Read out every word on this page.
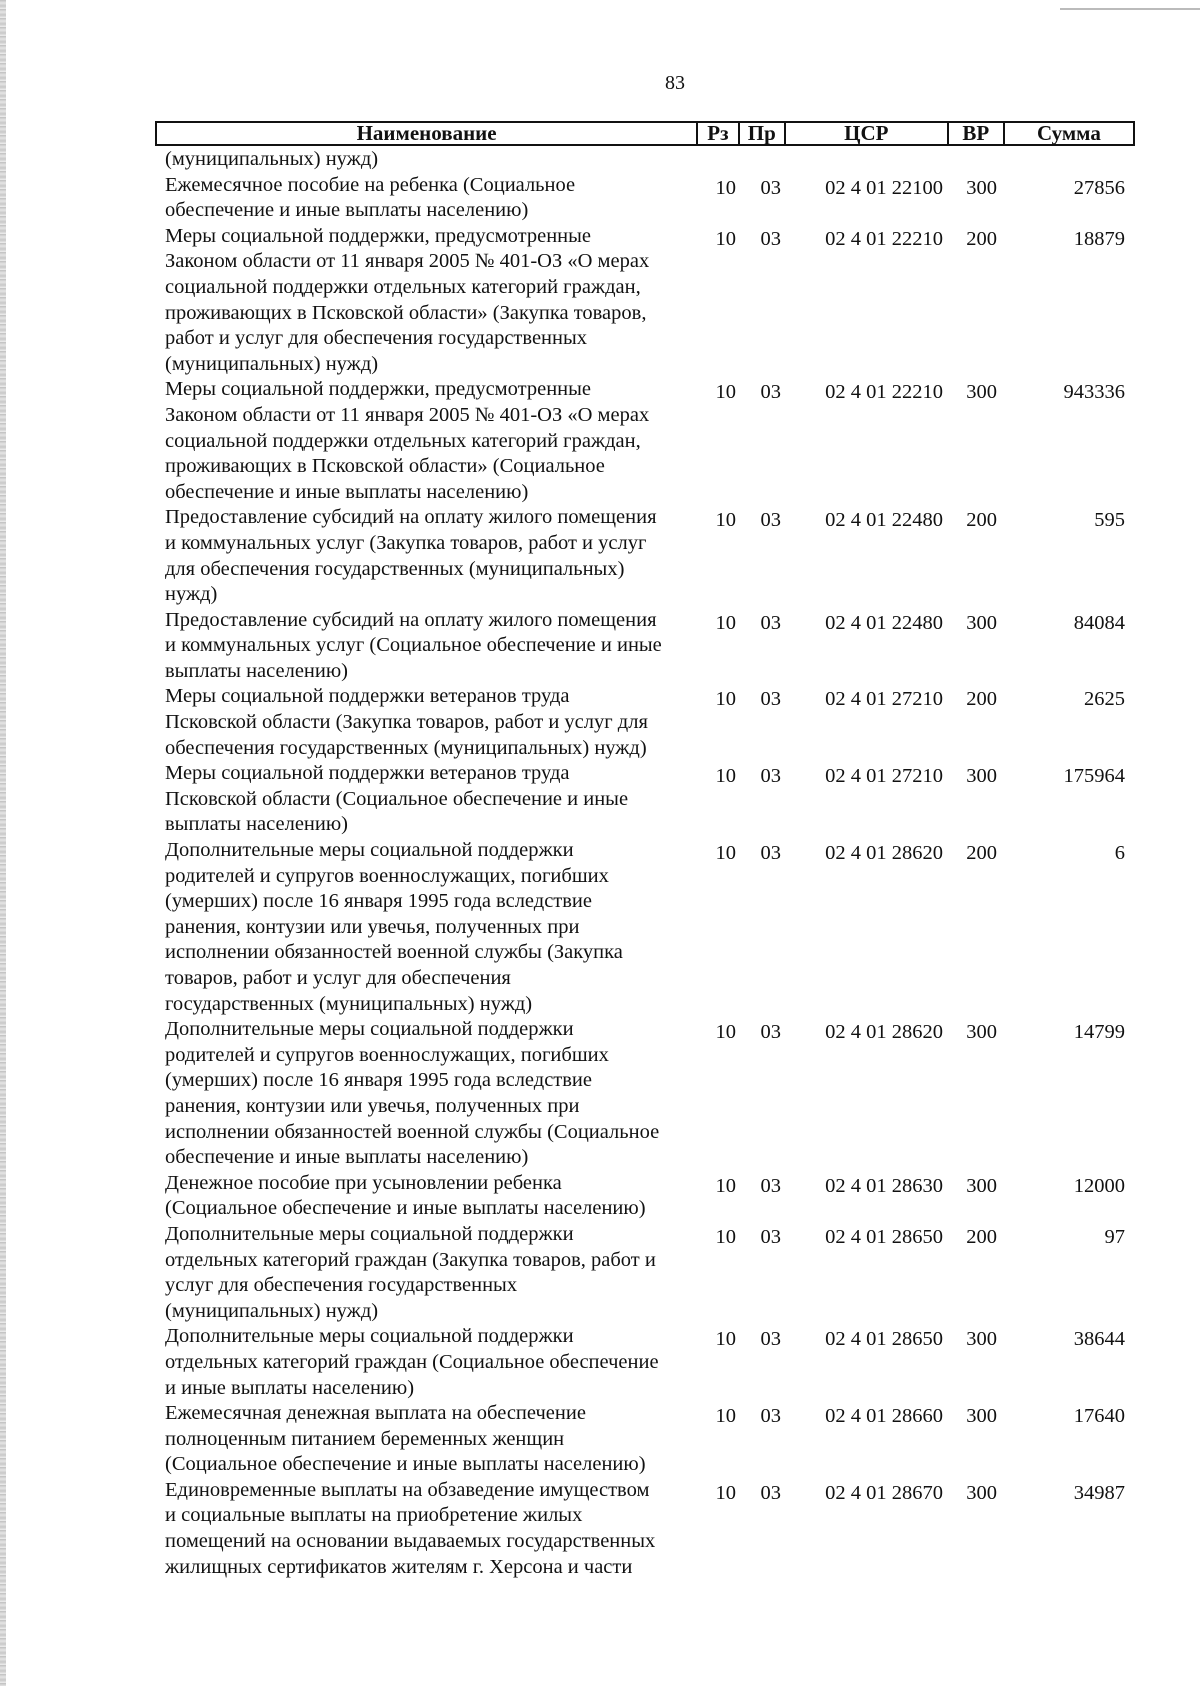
83
Наименование	Рз Пр	ЦСР	ВР	Сумма
(муниципальных) нужд)
Ежемесячное пособие на ребенка (Социальное
обеспечение и иные выплаты населению)
10	03	02 4 01 22100	300	27856
Меры социальной поддержки, предусмотренные
Законом области от 11 января 2005 № 401-ОЗ «О мерах
социальной поддержки отдельных категорий граждан,
проживающих в Псковской области» (Закупка товаров,
работ и услуг для обеспечения государственных
(муниципальных) нужд)
10	03	02 4 01 22210	200	18879
Меры социальной поддержки, предусмотренные
Законом области от 11 января 2005 № 401-ОЗ «О мерах
социальной поддержки отдельных категорий граждан,
проживающих в Псковской области» (Социальное
обеспечение и иные выплаты населению)
10	03	02 4 01 22210	300	943336
Предоставление субсидий на оплату жилого помещения
и коммунальных услуг (Закупка товаров, работ и услуг
для обеспечения государственных (муниципальных)
нужд)
10	03	02 4 01 22480	200	595
Предоставление субсидий на оплату жилого помещения
и коммунальных услуг (Социальное обеспечение и иные
выплаты населению)
10	03	02 4 01 22480	300	84084
Меры социальной поддержки ветеранов труда
Псковской области (Закупка товаров, работ и услуг для
обеспечения государственных (муниципальных) нужд)
10	03	02 4 01 27210	200	2625
Меры социальной поддержки ветеранов труда
Псковской области (Социальное обеспечение и иные
выплаты населению)
10	03	02 4 01 27210	300	175964
Дополнительные меры социальной поддержки
родителей и супругов военнослужащих, погибших
(умерших) после 16 января 1995 года вследствие
ранения, контузии или увечья, полученных при
исполнении обязанностей военной службы (Закупка
товаров, работ и услуг для обеспечения
государственных (муниципальных) нужд)
10	03	02 4 01 28620	200	6
Дополнительные меры социальной поддержки
родителей и супругов военнослужащих, погибших
(умерших) после 16 января 1995 года вследствие
ранения, контузии или увечья, полученных при
исполнении обязанностей военной службы (Социальное
обеспечение и иные выплаты населению)
10	03	02 4 01 28620	300	14799
Денежное пособие при усыновлении ребенка
(Социальное обеспечение и иные выплаты населению)
10	03	02 4 01 28630	300	12000
Дополнительные меры социальной поддержки
отдельных категорий граждан (Закупка товаров, работ и
услуг для обеспечения государственных
(муниципальных) нужд)
10	03	02 4 01 28650	200	97
Дополнительные меры социальной поддержки
отдельных категорий граждан (Социальное обеспечение
и иные выплаты населению)
10	03	02 4 01 28650	300	38644
Ежемесячная денежная выплата на обеспечение
полноценным питанием беременных женщин
(Социальное обеспечение и иные выплаты населению)
10	03	02 4 01 28660	300	17640
Единовременные выплаты на обзаведение имуществом
и социальные выплаты на приобретение жилых
помещений на основании выдаваемых государственных
жилищных сертификатов жителям г. Херсона и части
10	03	02 4 01 28670	300	34987
